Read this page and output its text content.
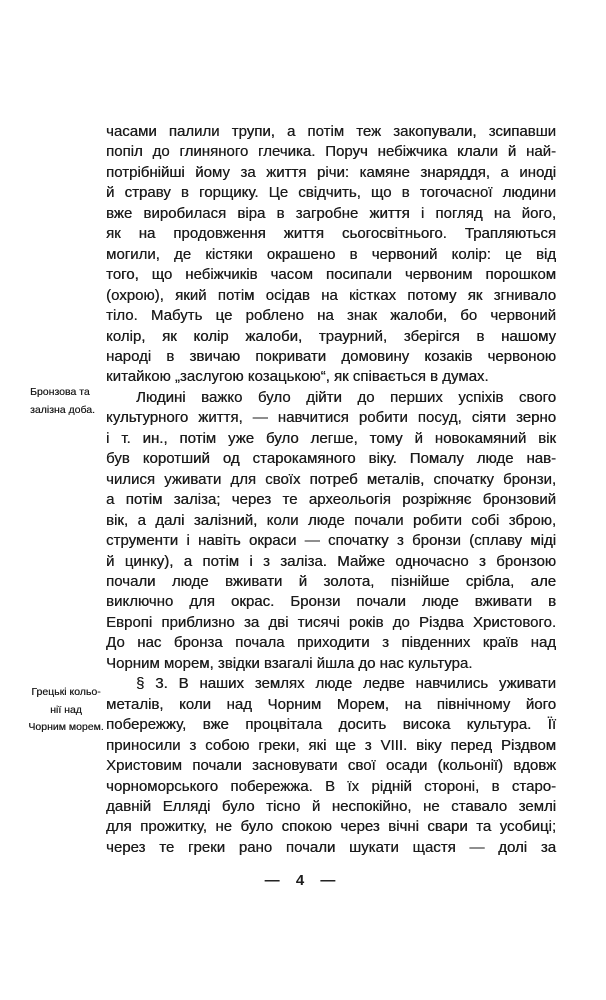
часами палили трупи, а потім теж закопували, зсипавши
попіл до глиняного глечика. Поруч небіжчика клали й най-
потрібнійші йому за життя річи: камяне знаряддя, а иноді
й страву в горщику. Це свідчить, що в тогочасної людини
вже виробилася віра в загробне життя і погляд на його,
як на продовження життя сьогосвітнього. Трапляються
могили, де кістяки окрашено в червоний колір: це від
того, що небіжчиків часом посипали червоним порошком
(охрою), який потім осідав на кістках потому як згнивало
тіло. Мабуть це роблено на знак жалоби, бо червоний
колір, як колір жалоби, траурний, зберігся в нашому
народі в звичаю покривати домовину козаків червоною
китайкою „заслугою козацькою“, як співається в думах.
Людині важко було дійти до перших успіхів свого
культурного життя, — навчитися робити посуд, сіяти зерно
і т. ин., потім уже було легше, тому й новокамяний вік
був коротший од старокамяного віку. Помалу люде нав-
чилися уживати для своїх потреб металів, спочатку бронзи,
а потім заліза; через те археольогія розріжняє бронзовий
вік, а далі залізний, коли люде почали робити собі зброю,
струменти і навіть окраси — спочатку з бронзи (сплаву міді
й цинку), а потім і з заліза. Майже одночасно з бронзою
почали люде вживати й золота, пізнійше срібла, але
виключно для окрас. Бронзи почали люде вживати в
Европі приблизно за дві тисячі років до Різдва Христового.
До нас бронза почала приходити з південних країв над
Чорним морем, звідки взагалі йшла до нас культура.
§ 3. В наших землях люде ледве навчились уживати
металів, коли над Чорним Морем, на північному його
побережжу, вже процвітала досить висока культура. Її
приносили з собою греки, які ще з VIII. віку перед Різдвом
Христовим почали засновувати свої осади (кольонії) вдовж
чорноморського побережжа. В їх рідній стороні, в старо-
давній Елляді було тісно й неспокійно, не ставало землі
для прожитку, не було спокою через вічні свари та усобиці;
через те греки рано почали шукати щастя — долі за
Бронзова та
залізна доба.
Грецькі кольо-
нії над
Чорним морем.
— 4 —
